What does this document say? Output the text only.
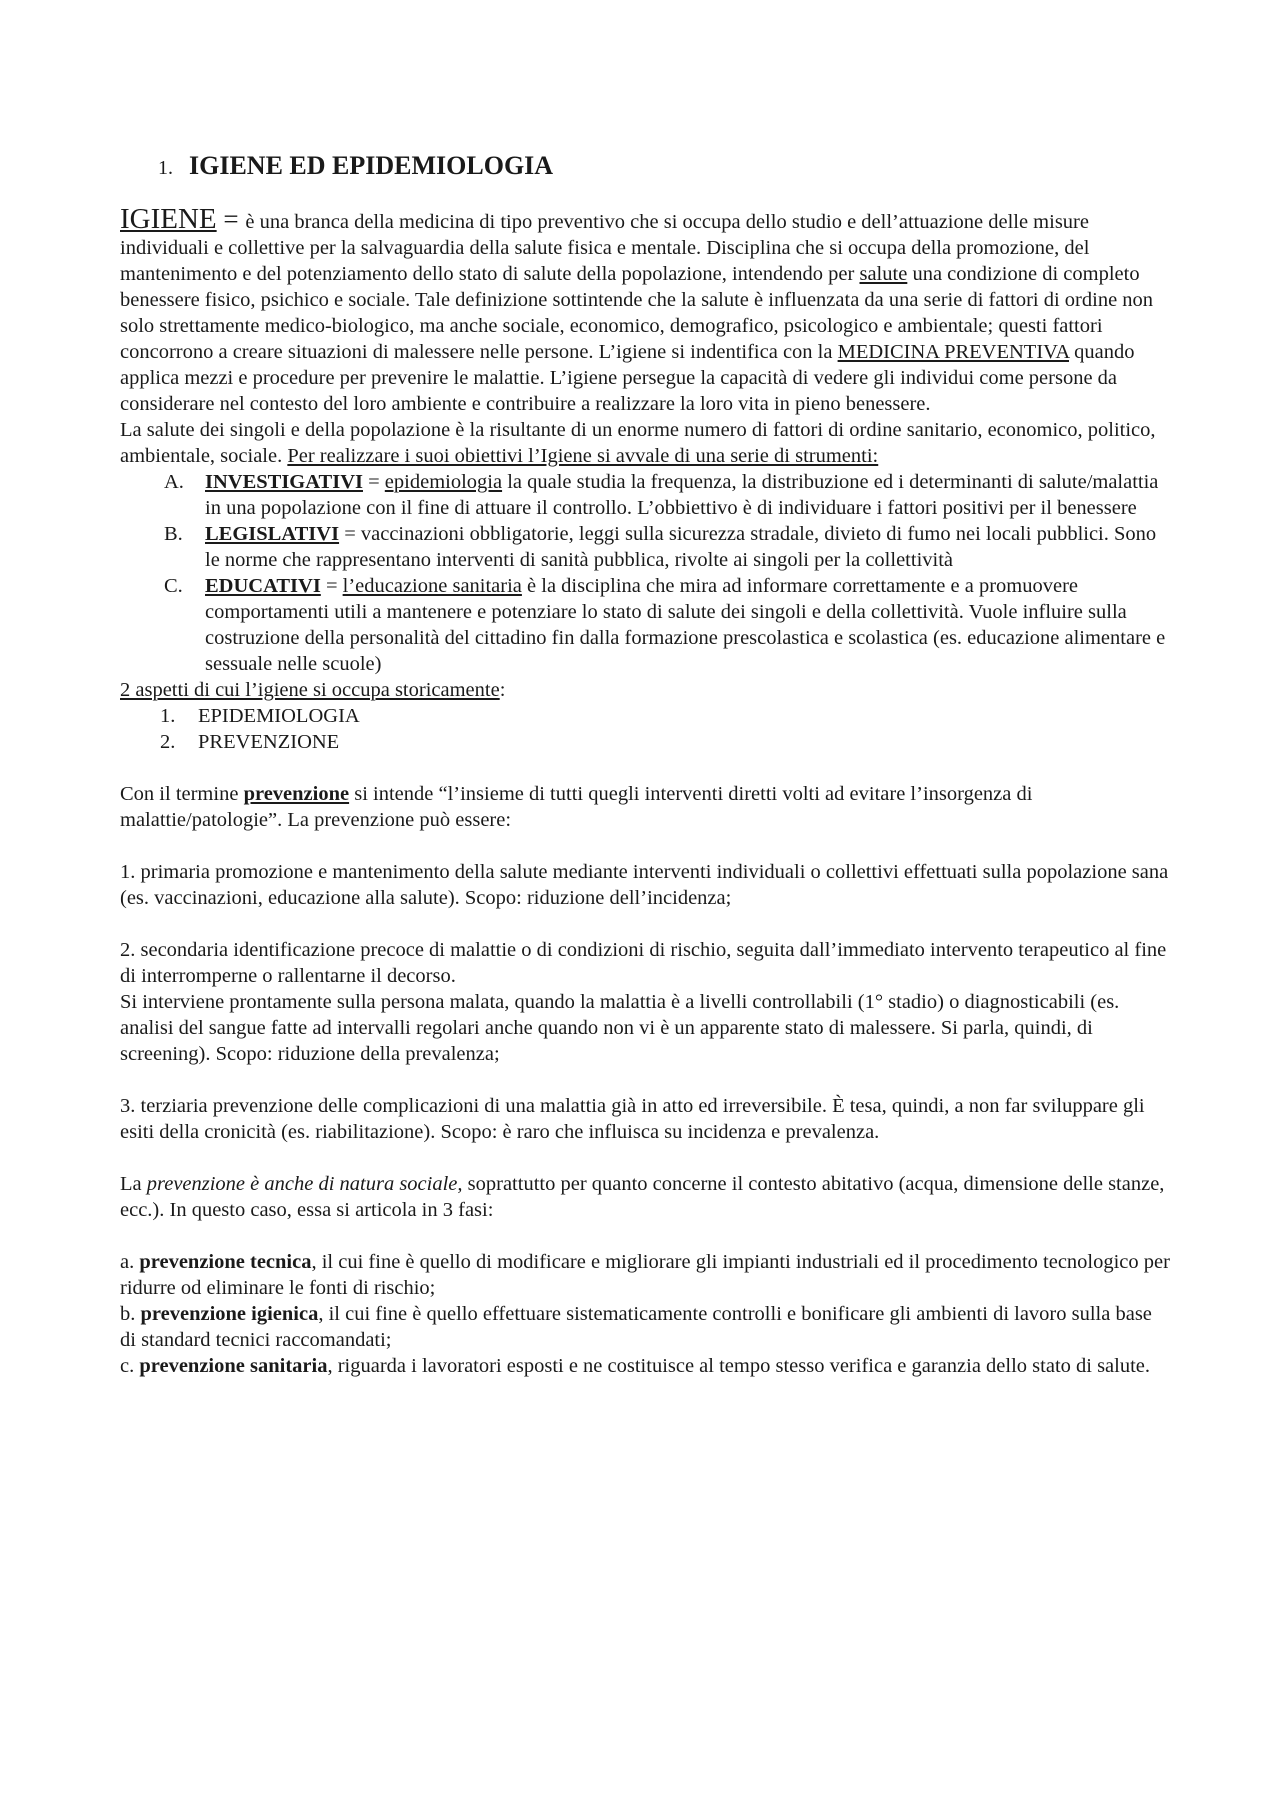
1. IGIENE ED EPIDEMIOLOGIA

IGIENE = è una branca della medicina di tipo preventivo che si occupa dello studio e dell’attuazione delle misure individuali e collettive per la salvaguardia della salute fisica e mentale. Disciplina che si occupa della promozione, del mantenimento e del potenziamento dello stato di salute della popolazione, intendendo per salute una condizione di completo benessere fisico, psichico e sociale. Tale definizione sottintende che la salute è influenzata da una serie di fattori di ordine non solo strettamente medico-biologico, ma anche sociale, economico, demografico, psicologico e ambientale; questi fattori concorrono a creare situazioni di malessere nelle persone. L’igiene si indentifica con la MEDICINA PREVENTIVA quando applica mezzi e procedure per prevenire le malattie. L’igiene persegue la capacità di vedere gli individui come persone da considerare nel contesto del loro ambiente e contribuire a realizzare la loro vita in pieno benessere.

La salute dei singoli e della popolazione è la risultante di un enorme numero di fattori di ordine sanitario, economico, politico, ambientale, sociale. Per realizzare i suoi obiettivi l’Igiene si avvale di una serie di strumenti:

A. INVESTIGATIVI = epidemiologia la quale studia la frequenza, la distribuzione ed i determinanti di salute/malattia in una popolazione con il fine di attuare il controllo. L’obbiettivo è di individuare i fattori positivi per il benessere
B. LEGISLATIVI = vaccinazioni obbligatorie, leggi sulla sicurezza stradale, divieto di fumo nei locali pubblici. Sono le norme che rappresentano interventi di sanità pubblica, rivolte ai singoli per la collettività
C. EDUCATIVI = l’educazione sanitaria è la disciplina che mira ad informare correttamente e a promuovere comportamenti utili a mantenere e potenziare lo stato di salute dei singoli e della collettività. Vuole influire sulla costruzione della personalità del cittadino fin dalla formazione prescolastica e scolastica (es. educazione alimentare e sessuale nelle scuole)

2 aspetti di cui l’igiene si occupa storicamente:

1. EPIDEMIOLOGIA
2. PREVENZIONE

Con il termine prevenzione si intende “l’insieme di tutti quegli interventi diretti volti ad evitare l’insorgenza di malattie/patologie”. La prevenzione può essere:

1. primaria promozione e mantenimento della salute mediante interventi individuali o collettivi effettuati sulla popolazione sana (es. vaccinazioni, educazione alla salute). Scopo: riduzione dell’incidenza;

2. secondaria identificazione precoce di malattie o di condizioni di rischio, seguita dall’immediato intervento terapeutico al fine di interromperne o rallentarne il decorso.

Si interviene prontamente sulla persona malata, quando la malattia è a livelli controllabili (1° stadio) o diagnosticabili (es. analisi del sangue fatte ad intervalli regolari anche quando non vi è un apparente stato di malessere. Si parla, quindi, di screening). Scopo: riduzione della prevalenza;

3. terziaria prevenzione delle complicazioni di una malattia già in atto ed irreversibile. È tesa, quindi, a non far sviluppare gli esiti della cronicità (es. riabilitazione). Scopo: è raro che influisca su incidenza e prevalenza.

La prevenzione è anche di natura sociale, soprattutto per quanto concerne il contesto abitativo (acqua, dimensione delle stanze, ecc.). In questo caso, essa si articola in 3 fasi:

a. prevenzione tecnica, il cui fine è quello di modificare e migliorare gli impianti industriali ed il procedimento tecnologico per ridurre od eliminare le fonti di rischio;

b. prevenzione igienica, il cui fine è quello effettuare sistematicamente controlli e bonificare gli ambienti di lavoro sulla base di standard tecnici raccomandati;

c. prevenzione sanitaria, riguarda i lavoratori esposti e ne costituisce al tempo stesso verifica e garanzia dello stato di salute.
